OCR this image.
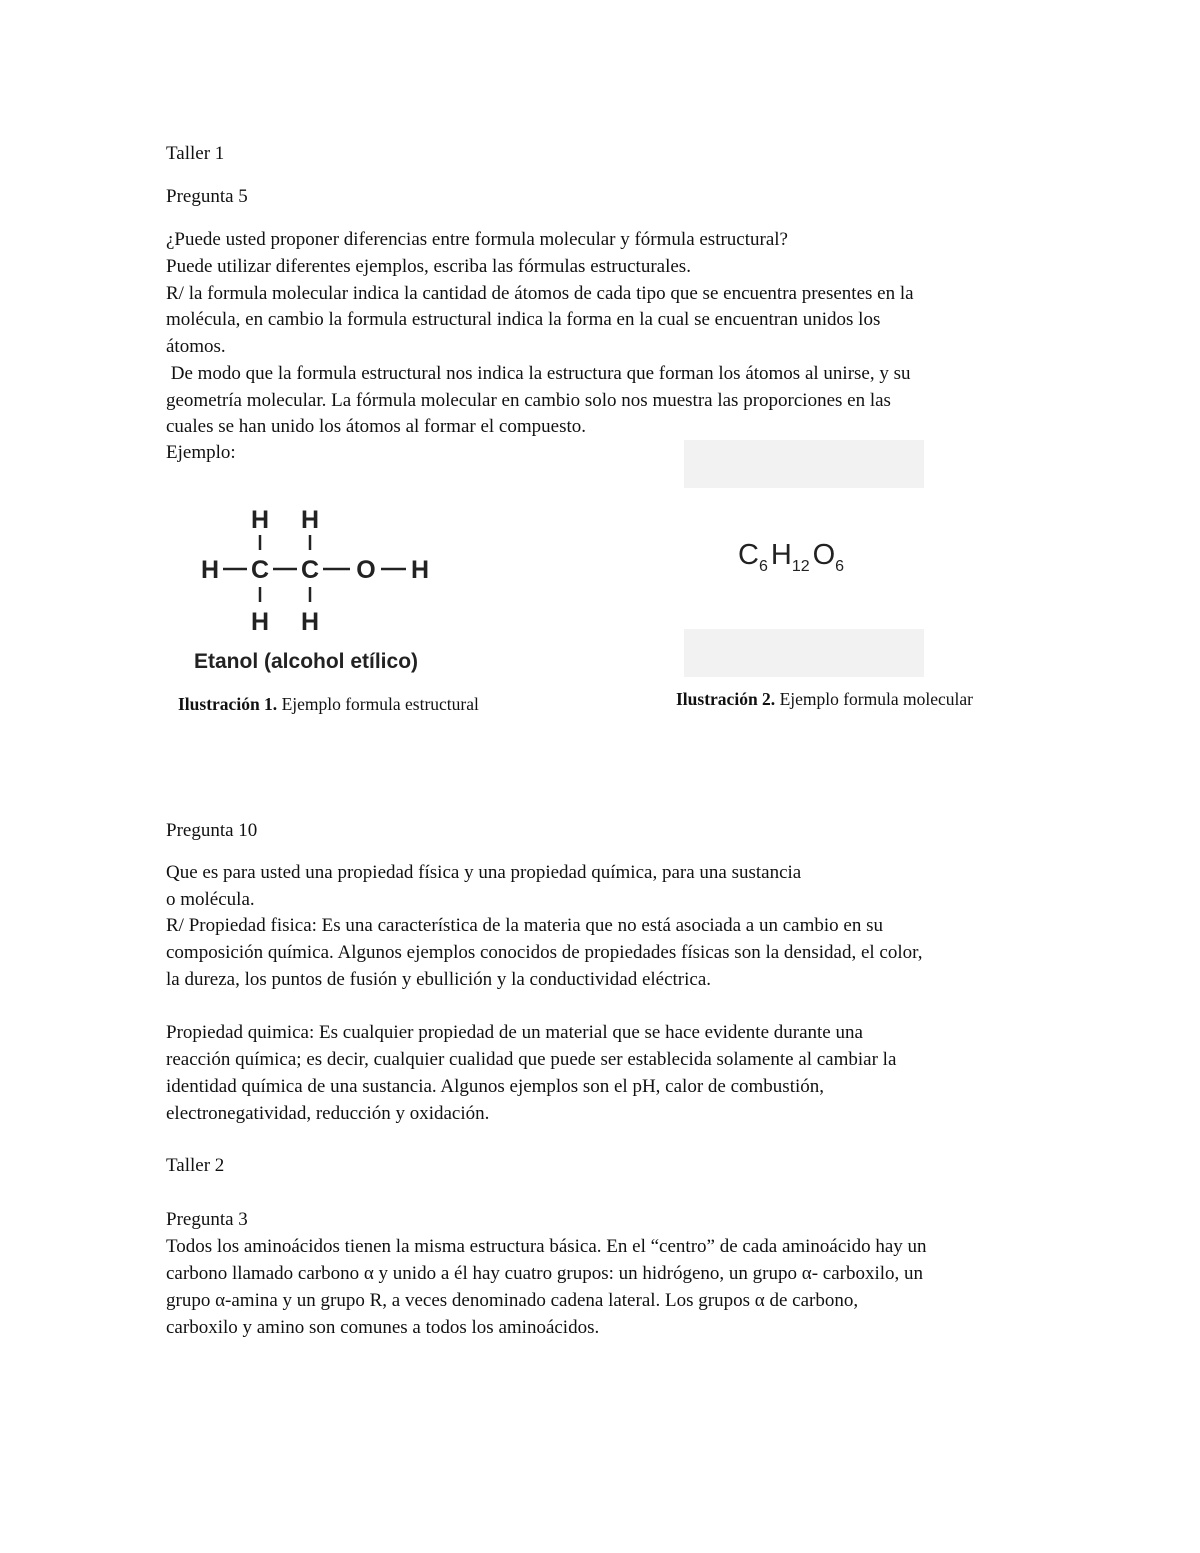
Taller 1
Pregunta 5
¿Puede usted proponer diferencias entre formula molecular y fórmula estructural?
Puede utilizar diferentes ejemplos, escriba las fórmulas estructurales.
R/ la formula molecular indica la cantidad de átomos de cada tipo que se encuentra presentes en la
molécula, en cambio la formula estructural indica la forma en la cual se encuentran unidos los
átomos.
De modo que la formula estructural nos indica la estructura que forman los átomos al unirse, y su
geometría molecular. La fórmula molecular en cambio solo nos muestra las proporciones en las
cuales se han unido los átomos al formar el compuesto.
Ejemplo:
H H
H C C O H
H H
Etanol (alcohol etílico)
Ilustración 1. Ejemplo formula estructural
$C_6$ $H_{12}$ $O_6$
Ilustración 2. Ejemplo formula molecular
Pregunta 10
Que es para usted una propiedad física y una propiedad química, para una sustancia
o molécula.
R/ Propiedad fisica: Es una característica de la materia que no está asociada a un cambio en su
composición química. Algunos ejemplos conocidos de propiedades físicas son la densidad, el color,
la dureza, los puntos de fusión y ebullición y la conductividad eléctrica.
Propiedad quimica: Es cualquier propiedad de un material que se hace evidente durante una
reacción química; es decir, cualquier cualidad que puede ser establecida solamente al cambiar la
identidad química de una sustancia. Algunos ejemplos son el pH, calor de combustión,
electronegatividad, reducción y oxidación.
Taller 2
Pregunta 3
Todos los aminoácidos tienen la misma estructura básica. En el “centro” de cada aminoácido hay un
carbono llamado carbono α y unido a él hay cuatro grupos: un hidrógeno, un grupo α- carboxilo, un
grupo α-amina y un grupo R, a veces denominado cadena lateral. Los grupos α de carbono,
carboxilo y amino son comunes a todos los aminoácidos.
